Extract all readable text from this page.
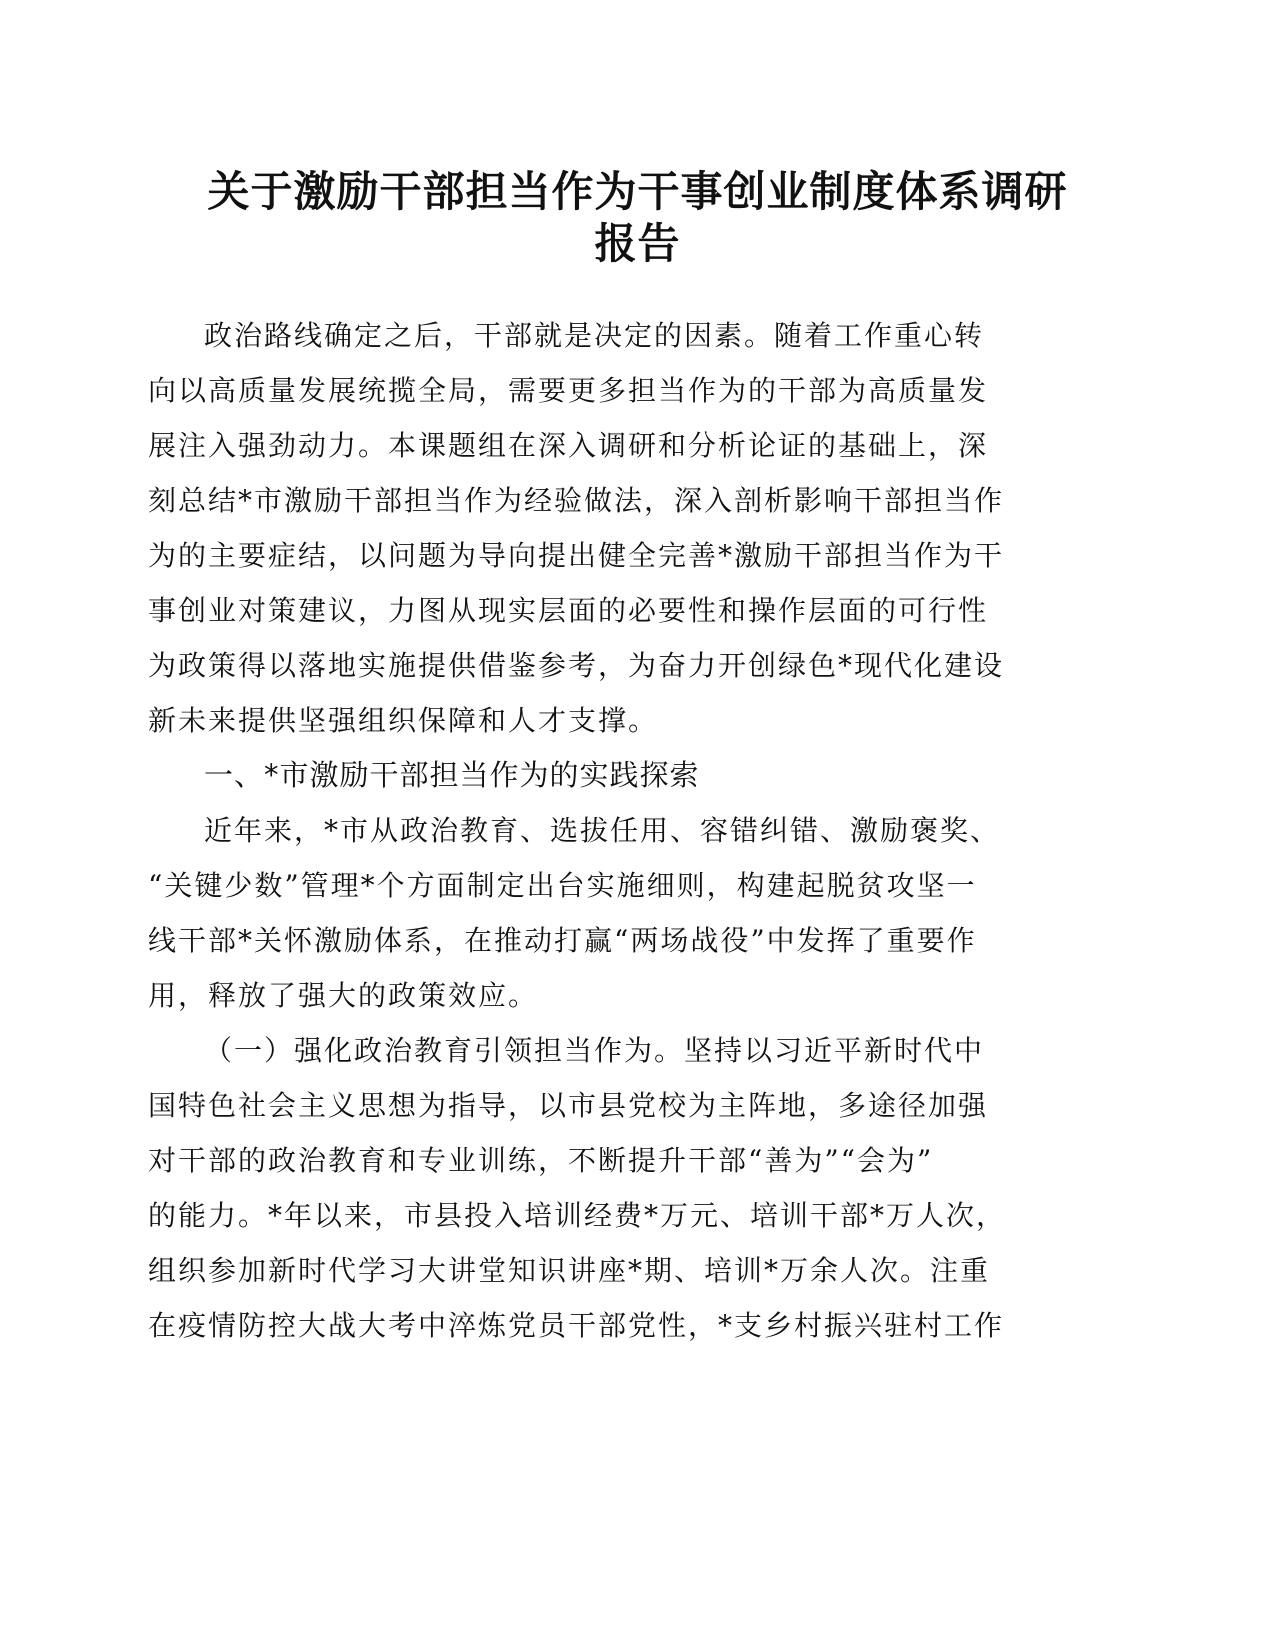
关于激励干部担当作为干事创业制度体系调研
报告
政治路线确定之后，干部就是决定的因素。随着工作重心转
向以高质量发展统揽全局，需要更多担当作为的干部为高质量发
展注入强劲动力。本课题组在深入调研和分析论证的基础上，深
刻总结*市激励干部担当作为经验做法，深入剖析影响干部担当作
为的主要症结，以问题为导向提出健全完善*激励干部担当作为干
事创业对策建议，力图从现实层面的必要性和操作层面的可行性
为政策得以落地实施提供借鉴参考，为奋力开创绿色*现代化建设
新未来提供坚强组织保障和人才支撑。
一、*市激励干部担当作为的实践探索
近年来，*市从政治教育、选拔任用、容错纠错、激励褒奖、
“关键少数”管理*个方面制定出台实施细则，构建起脱贫攻坚一
线干部*关怀激励体系，在推动打赢“两场战役”中发挥了重要作
用，释放了强大的政策效应。
（一）强化政治教育引领担当作为。坚持以习近平新时代中
国特色社会主义思想为指导，以市县党校为主阵地，多途径加强
对干部的政治教育和专业训练，不断提升干部“善为”“会为”
的能力。*年以来，市县投入培训经费*万元、培训干部*万人次，
组织参加新时代学习大讲堂知识讲座*期、培训*万余人次。注重
在疫情防控大战大考中淬炼党员干部党性，*支乡村振兴驻村工作
